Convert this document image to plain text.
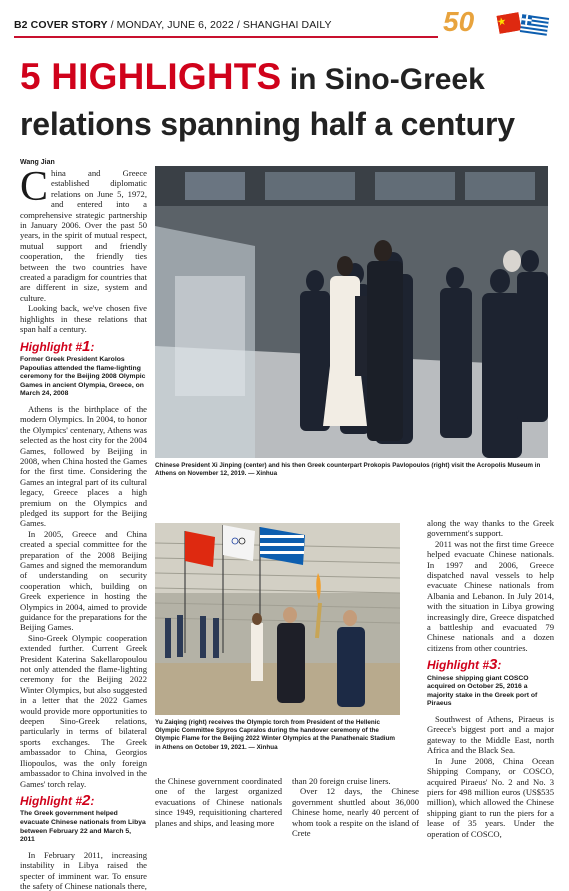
B2 COVER STORY / MONDAY, JUNE 6, 2022 / SHANGHAI DAILY	50
5 HIGHLIGHTS in Sino-Greek
relations spanning half a century
Wang Jian

China and Greece established diplomatic relations on June 5, 1972, and entered into a comprehensive strategic partnership in January 2006. Over the past 50 years, in the spirit of mutual respect, mutual support and friendly cooperation, the friendly ties between the two countries have created a paradigm for countries that are different in size, system and culture.

Looking back, we've chosen five highlights in these relations that span half a century.

Highlight #1:
Former Greek President Karolos Papoulias attended the flame-lighting ceremony for the Beijing 2008 Olympic Games in ancient Olympia, Greece, on March 24, 2008

Athens is the birthplace of the modern Olympics. In 2004, to honor the Olympics' centenary, Athens was selected as the host city for the 2004 Games, followed by Beijing in 2008, when China hosted the Games for the first time. Considering the Games an integral part of its cultural legacy, Greece places a high premium on the Olympics and pledged its support for the Beijing Games.

In 2005, Greece and China created a special committee for the preparation of the 2008 Beijing Games and signed the memorandum of understanding on security cooperation which, building on Greek experience in hosting the Olympics in 2004, aimed to provide guidance for the preparations for the Beijing Games.

Sino-Greek Olympic cooperation extended further. Current Greek President Katerina Sakellaropoulou not only attended the flame-lighting ceremony for the Beijing 2022 Winter Olympics, but also suggested in a letter that the 2022 Games would provide more opportunities to deepen Sino-Greek relations, particularly in terms of bilateral sports exchanges. The Greek ambassador to China, Georgios Iliopoulos, was the only foreign ambassador to China involved in the Games' torch relay.

Highlight #2:
The Greek government helped evacuate Chinese nationals from Libya between February 22 and March 5, 2011

In February 2011, increasing instability in Libya raised the specter of imminent war. To ensure the safety of Chinese nationals there,

Chinese President Xi Jinping (center) and his then Greek counterpart Prokopis Pavlopoulos (right) visit the Acropolis Museum in Athens on November 12, 2019. — Xinhua
Yu Zaiqing (right) receives the Olympic torch from President of the Hellenic Olympic Committee Spyros Capralos during the handover ceremony of the Olympic Flame for the Beijing 2022 Winter Olympics at the Panathenaic Stadium in Athens on October 19, 2021. — Xinhua

the Chinese government coordinated one of the largest organized evacuations of Chinese nationals since 1949, requisitioning chartered planes and ships, and leasing more

than 20 foreign cruise liners.

Over 12 days, the Chinese government shuttled about 36,000 Chinese home, nearly 40 percent of whom took a respite on the island of Crete

along the way thanks to the Greek government's support.

2011 was not the first time Greece helped evacuate Chinese nationals. In 1997 and 2006, Greece dispatched naval vessels to help evacuate Chinese nationals from Albania and Lebanon. In July 2014, with the situation in Libya growing increasingly dire, Greece dispatched a battleship and evacuated 79 Chinese nationals and a dozen citizens from other countries.

Highlight #3:
Chinese shipping giant COSCO acquired on October 25, 2016 a majority stake in the Greek port of Piraeus

Southwest of Athens, Piraeus is Greece's biggest port and a major gateway to the Middle East, north Africa and the Black Sea.

In June 2008, China Ocean Shipping Company, or COSCO, acquired Piraeus' No. 2 and No. 3 piers for 498 million euros (US$535 million), which allowed the Chinese shipping giant to run the piers for a lease of 35 years. Under the operation of COSCO,
